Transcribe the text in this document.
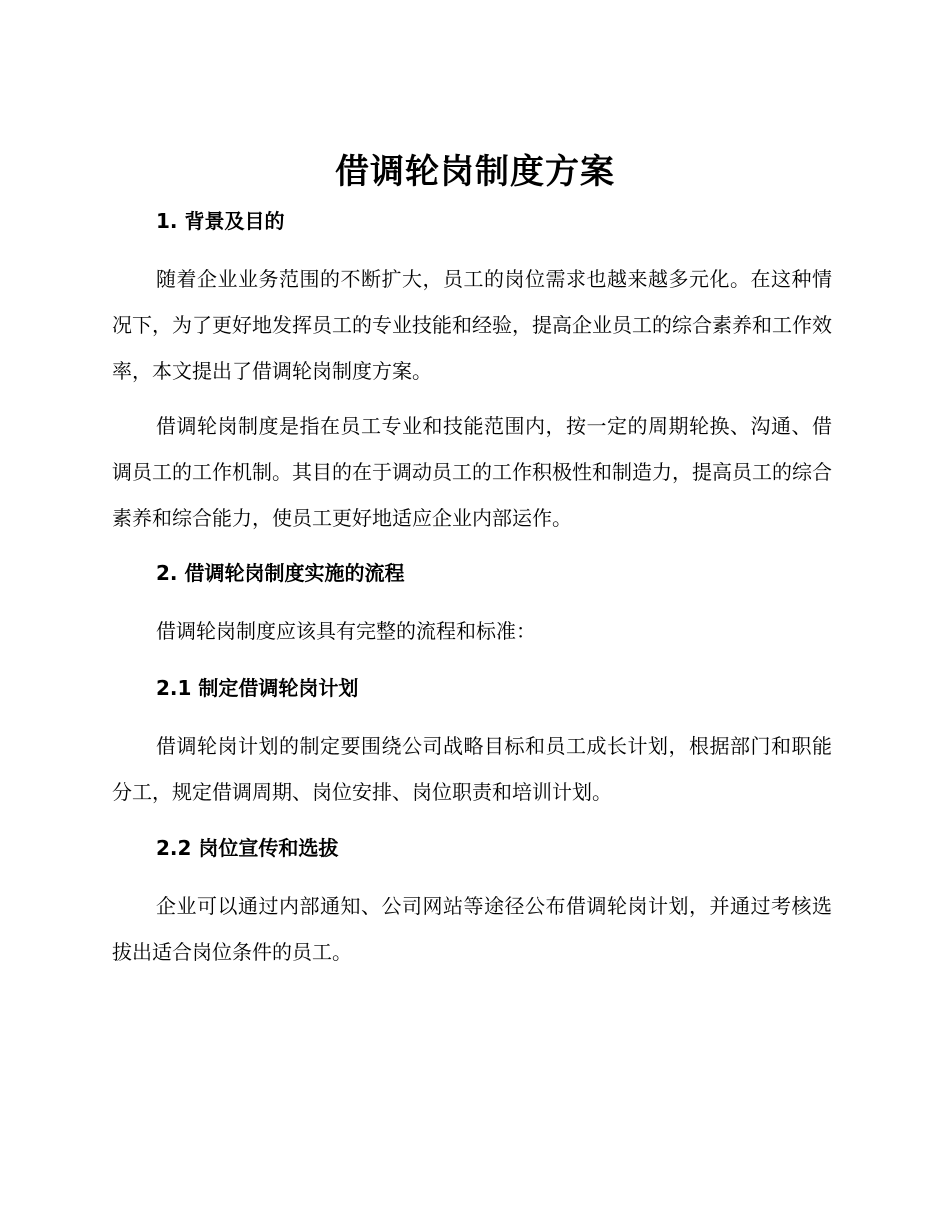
借调轮岗制度方案
1. 背景及目的

随着企业业务范围的不断扩大，员工的岗位需求也越来越多元化。在这种情况下，为了更好地发挥员工的专业技能和经验，提高企业员工的综合素养和工作效率，本文提出了借调轮岗制度方案。

借调轮岗制度是指在员工专业和技能范围内，按一定的周期轮换、沟通、借调员工的工作机制。其目的在于调动员工的工作积极性和制造力，提高员工的综合素养和综合能力，使员工更好地适应企业内部运作。

2. 借调轮岗制度实施的流程

借调轮岗制度应该具有完整的流程和标准：

2.1 制定借调轮岗计划

借调轮岗计划的制定要围绕公司战略目标和员工成长计划，根据部门和职能分工，规定借调周期、岗位安排、岗位职责和培训计划。

2.2 岗位宣传和选拔

企业可以通过内部通知、公司网站等途径公布借调轮岗计划，并通过考核选拔出适合岗位条件的员工。
